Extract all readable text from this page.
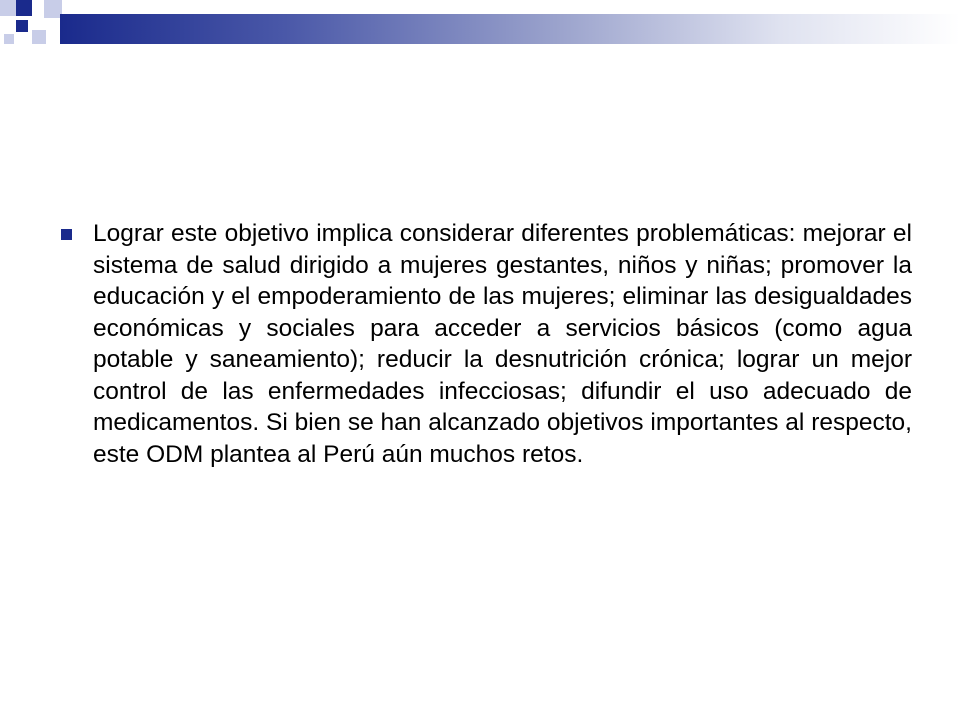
Lograr este objetivo implica considerar diferentes problemáticas: mejorar el sistema de salud dirigido a mujeres gestantes, niños y niñas; promover la educación y el empoderamiento de las mujeres; eliminar las desigualdades económicas y sociales para acceder a servicios básicos (como agua potable y saneamiento); reducir la desnutrición crónica; lograr un mejor control de las enfermedades infecciosas; difundir el uso adecuado de medicamentos. Si bien se han alcanzado objetivos importantes al respecto, este ODM plantea al Perú aún muchos retos.
